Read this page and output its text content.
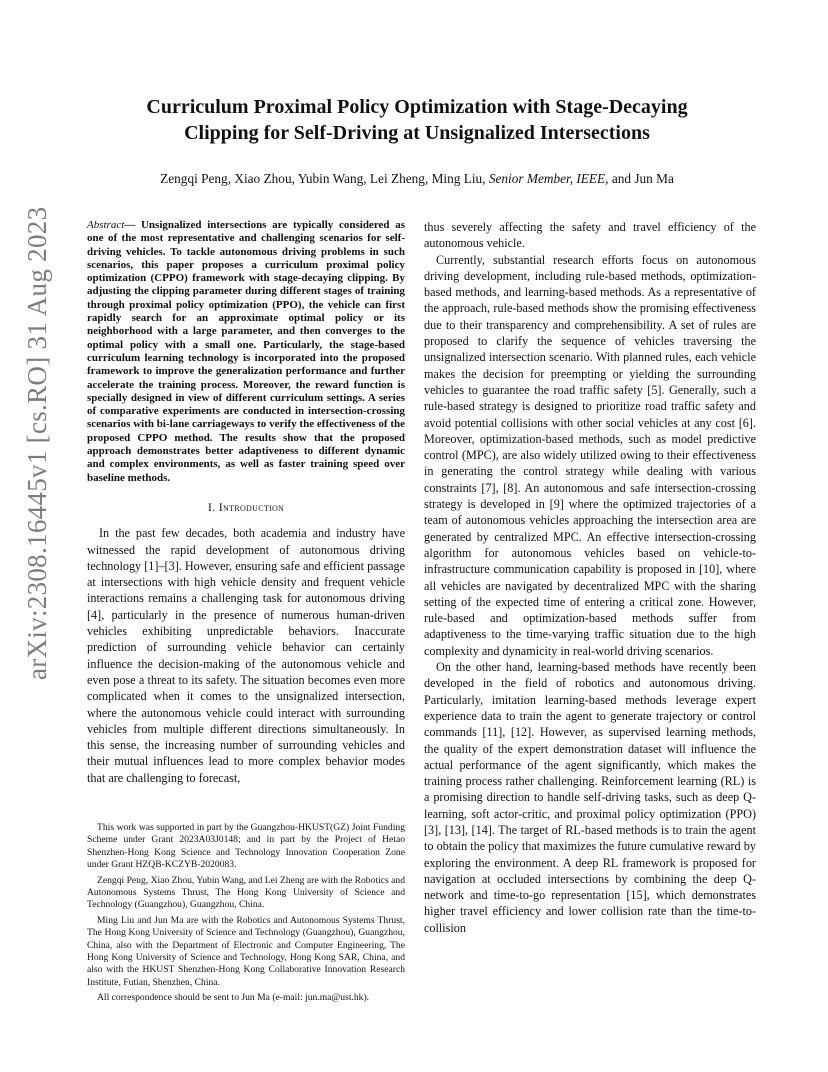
arXiv:2308.16445v1 [cs.RO] 31 Aug 2023
Curriculum Proximal Policy Optimization with Stage-Decaying
Clipping for Self-Driving at Unsignalized Intersections
Zengqi Peng, Xiao Zhou, Yubin Wang, Lei Zheng, Ming Liu, Senior Member, IEEE, and Jun Ma
Abstract— Unsignalized intersections are typically considered as one of the most representative and challenging scenarios for self-driving vehicles. To tackle autonomous driving problems in such scenarios, this paper proposes a curriculum proximal policy optimization (CPPO) framework with stage-decaying clipping. By adjusting the clipping parameter during different stages of training through proximal policy optimization (PPO), the vehicle can first rapidly search for an approximate optimal policy or its neighborhood with a large parameter, and then converges to the optimal policy with a small one. Particularly, the stage-based curriculum learning technology is incorporated into the proposed framework to improve the generalization performance and further accelerate the training process. Moreover, the reward function is specially designed in view of different curriculum settings. A series of comparative experiments are conducted in intersection-crossing scenarios with bi-lane carriageways to verify the effectiveness of the proposed CPPO method. The results show that the proposed approach demonstrates better adaptiveness to different dynamic and complex environments, as well as faster training speed over baseline methods.
I. Introduction

In the past few decades, both academia and industry have witnessed the rapid development of autonomous driving technology [1]–[3]. However, ensuring safe and efficient passage at intersections with high vehicle density and frequent vehicle interactions remains a challenging task for autonomous driving [4], particularly in the presence of numerous human-driven vehicles exhibiting unpredictable behaviors. Inaccurate prediction of surrounding vehicle behavior can certainly influence the decision-making of the autonomous vehicle and even pose a threat to its safety. The situation becomes even more complicated when it comes to the unsignalized intersection, where the autonomous vehicle could interact with surrounding vehicles from multiple different directions simultaneously. In this sense, the increasing number of surrounding vehicles and their mutual influences lead to more complex behavior modes that are challenging to forecast,

This work was supported in part by the Guangzhou-HKUST(GZ) Joint Funding Scheme under Grant 2023A03J0148; and in part by the Project of Hetao Shenzhen-Hong Kong Science and Technology Innovation Cooperation Zone under Grant HZQB-KCZYB-2020083.

Zengqi Peng, Xiao Zhou, Yubin Wang, and Lei Zheng are with the Robotics and Autonomous Systems Thrust, The Hong Kong University of Science and Technology (Guangzhou), Guangzhou, China.

Ming Liu and Jun Ma are with the Robotics and Autonomous Systems Thrust, The Hong Kong University of Science and Technology (Guangzhou), Guangzhou, China, also with the Department of Electronic and Computer Engineering, The Hong Kong University of Science and Technology, Hong Kong SAR, China, and also with the HKUST Shenzhen-Hong Kong Collaborative Innovation Research Institute, Futian, Shenzhen, China.

All correspondence should be sent to Jun Ma (e-mail: jun.ma@ust.hk).

thus severely affecting the safety and travel efficiency of the autonomous vehicle.

Currently, substantial research efforts focus on autonomous driving development, including rule-based methods, optimization-based methods, and learning-based methods. As a representative of the approach, rule-based methods show the promising effectiveness due to their transparency and comprehensibility. A set of rules are proposed to clarify the sequence of vehicles traversing the unsignalized intersection scenario. With planned rules, each vehicle makes the decision for preempting or yielding the surrounding vehicles to guarantee the road traffic safety [5]. Generally, such a rule-based strategy is designed to prioritize road traffic safety and avoid potential collisions with other social vehicles at any cost [6]. Moreover, optimization-based methods, such as model predictive control (MPC), are also widely utilized owing to their effectiveness in generating the control strategy while dealing with various constraints [7], [8]. An autonomous and safe intersection-crossing strategy is developed in [9] where the optimized trajectories of a team of autonomous vehicles approaching the intersection area are generated by centralized MPC. An effective intersection-crossing algorithm for autonomous vehicles based on vehicle-to-infrastructure communication capability is proposed in [10], where all vehicles are navigated by decentralized MPC with the sharing setting of the expected time of entering a critical zone. However, rule-based and optimization-based methods suffer from adaptiveness to the time-varying traffic situation due to the high complexity and dynamicity in real-world driving scenarios.

On the other hand, learning-based methods have recently been developed in the field of robotics and autonomous driving. Particularly, imitation learning-based methods leverage expert experience data to train the agent to generate trajectory or control commands [11], [12]. However, as supervised learning methods, the quality of the expert demonstration dataset will influence the actual performance of the agent significantly, which makes the training process rather challenging. Reinforcement learning (RL) is a promising direction to handle self-driving tasks, such as deep Q-learning, soft actor-critic, and proximal policy optimization (PPO) [3], [13], [14]. The target of RL-based methods is to train the agent to obtain the policy that maximizes the future cumulative reward by exploring the environment. A deep RL framework is proposed for navigation at occluded intersections by combining the deep Q-network and time-to-go representation [15], which demonstrates higher travel efficiency and lower collision rate than the time-to-collision
